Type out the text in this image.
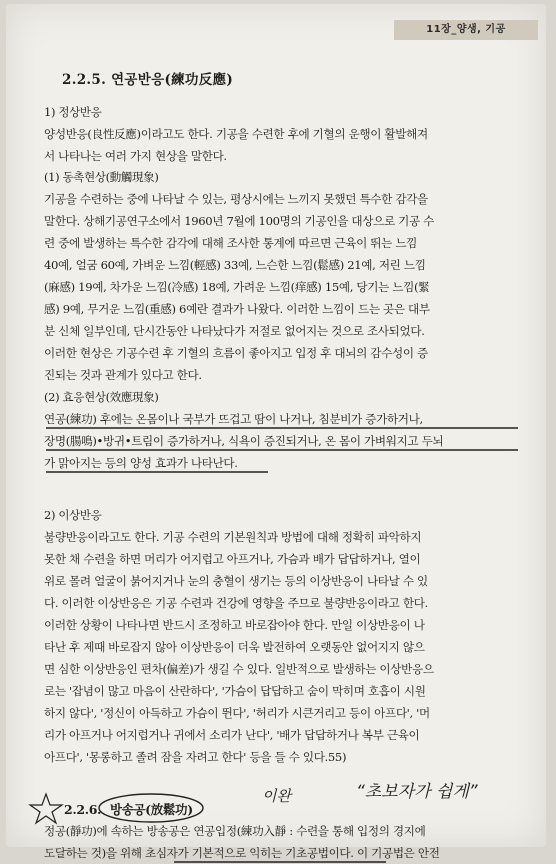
11장_양생, 기공
2.2.5. 연공반응(練功反應)
1) 정상반응
양성반응(良性反應)이라고도 한다. 기공을 수련한 후에 기혈의 운행이 활발해져
서 나타나는 여러 가지 현상을 말한다.
(1) 동촉현상(動觸現象)
기공을 수련하는 중에 나타날 수 있는, 평상시에는 느끼지 못했던 특수한 감각을
말한다. 상해기공연구소에서 1960년 7월에 100명의 기공인을 대상으로 기공 수
련 중에 발생하는 특수한 감각에 대해 조사한 통계에 따르면 근육이 뛰는 느낌
40예, 얼굼 60예, 가벼운 느낌(輕感) 33예, 느슨한 느낌(鬆感) 21예, 저린 느낌
(麻感) 19예, 차가운 느낌(冷感) 18예, 가려운 느낌(痒感) 15예, 당기는 느낌(緊
感) 9예, 무거운 느낌(重感) 6예란 결과가 나왔다. 이러한 느낌이 드는 곳은 대부
분 신체 일부인데, 단시간동안 나타났다가 저절로 없어지는 것으로 조사되었다.
이러한 현상은 기공수련 후 기혈의 흐름이 좋아지고 입정 후 대뇌의 감수성이 증
진되는 것과 관계가 있다고 한다.
(2) 효응현상(效應現象)
연공(練功) 후에는 온몸이나 국부가 뜨겁고 땀이 나거나, 침분비가 증가하거나,
장명(腸鳴)•방귀•트림이 증가하거나, 식욕이 증진되거나, 온 몸이 가벼워지고 두뇌
가 맑아지는 등의 양성 효과가 나타난다.
2) 이상반응
불량반응이라고도 한다. 기공 수련의 기본원칙과 방법에 대해 정확히 파악하지
못한 채 수련을 하면 머리가 어지럽고 아프거나, 가슴과 배가 답답하거나, 열이
위로 몰려 얼굴이 붉어지거나 눈의 충혈이 생기는 등의 이상반응이 나타날 수 있
다. 이러한 이상반응은 기공 수련과 건강에 영향을 주므로 불량반응이라고 한다.
이러한 상황이 나타나면 반드시 조정하고 바로잡아야 한다. 만일 이상반응이 나
타난 후 제때 바로잡지 않아 이상반응이 더욱 발전하여 오랫동안 없어지지 않으
면 심한 이상반응인 편차(偏差)가 생길 수 있다. 일반적으로 발생하는 이상반응으
로는 '잡념이 많고 마음이 산란하다', '가슴이 답답하고 숨이 막히며 호흡이 시원
하지 않다', '정신이 아득하고 가슴이 뛴다', '허리가 시큰거리고 등이 아프다', '머
리가 아프거나 어지럽거나 귀에서 소리가 난다', '배가 답답하거나 복부 근육이
아프다', '몽롱하고 졸려 잠을 자려고 한다' 등을 들 수 있다.55)
2.2.6. 방송공(放鬆功)
이완	“초보자가 쉽게”
정공(靜功)에 속하는 방송공은 연공입정(練功入靜 : 수련을 통해 입정의 경지에
도달하는 것)을 위해 초심자가 기본적으로 익히는 기초공법이다. 이 기공법은 안전
